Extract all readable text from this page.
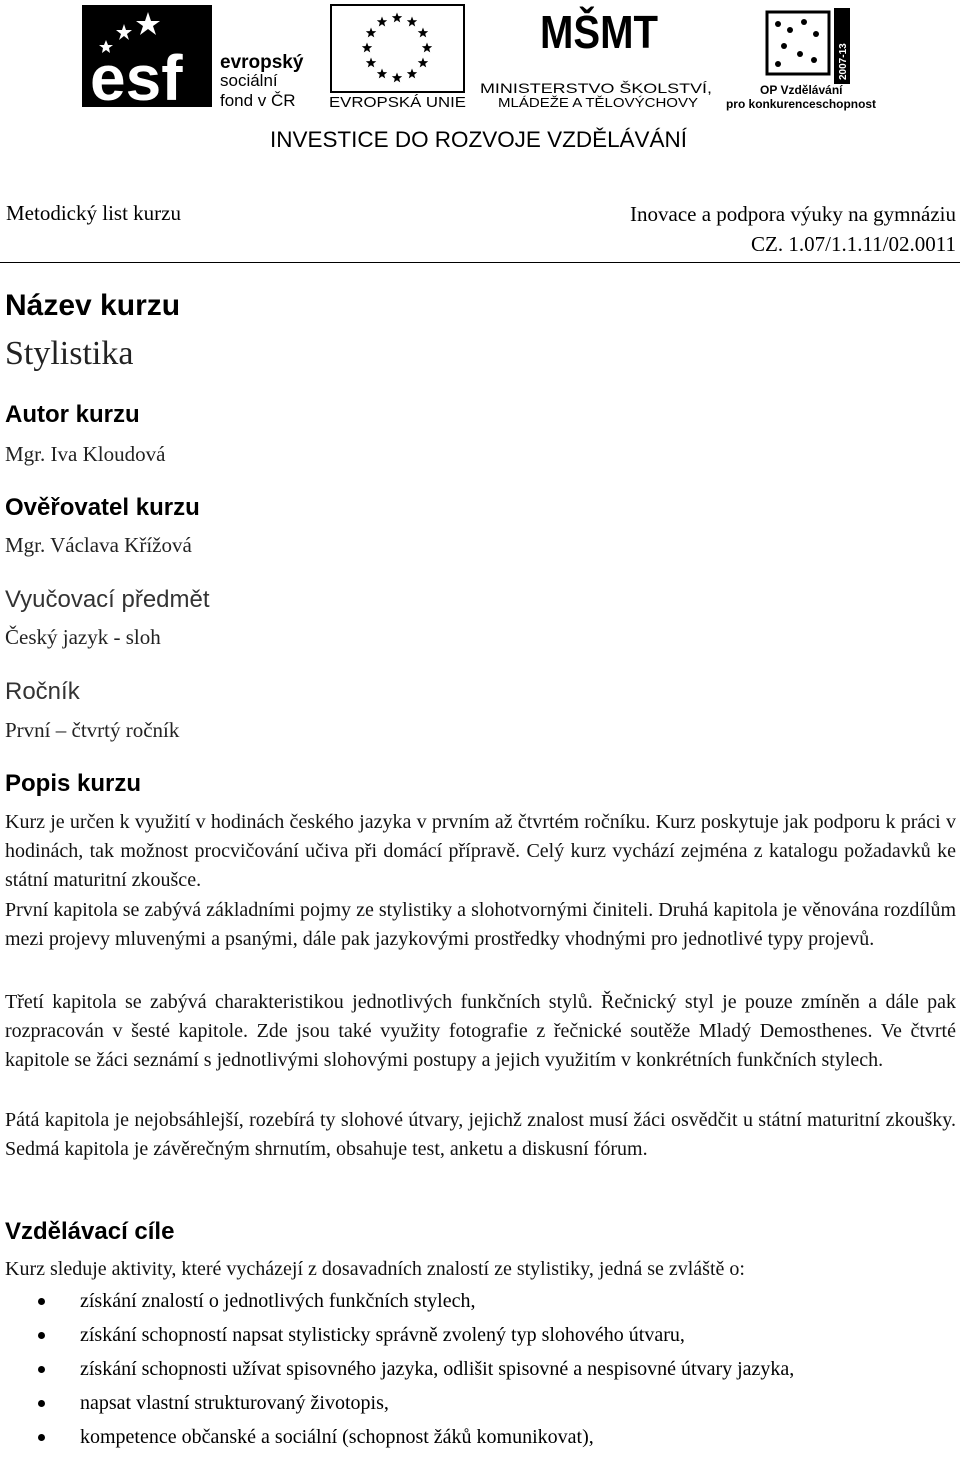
esf evropský
sociální
fond v ČR EVROPSKÁ UNIE
MŠMT
MINISTERSTVO ŠKOLSTVÍ,
MLÁDEŽE A TĚLOVÝCHOVY
2007-13
OP Vzdělávání
pro konkurenceschopnost
INVESTICE DO ROZVOJE VZDĚLÁVÁNÍ
Metodický list kurzu	Inovace a podpora výuky na gymnáziu
CZ. 1.07/1.1.11/02.0011
Název kurzu
Stylistika
Autor kurzu
Mgr. Iva Kloudová
Ověřovatel kurzu
Mgr. Václava Křížová
Vyučovací předmět
Český jazyk - sloh
Ročník
První – čtvrtý ročník
Popis kurzu
Kurz je určen k využití v hodinách českého jazyka v prvním až čtvrtém ročníku. Kurz poskytuje jak podporu k práci v hodinách, tak možnost procvičování učiva při domácí přípravě. Celý kurz vychází zejména z katalogu požadavků ke státní maturitní zkoušce.
První kapitola se zabývá základními pojmy ze stylistiky a slohotvornými činiteli. Druhá kapitola je věnována rozdílům mezi projevy mluvenými a psanými, dále pak jazykovými prostředky vhodnými pro jednotlivé typy projevů.
Třetí kapitola se zabývá charakteristikou jednotlivých funkčních stylů. Řečnický styl je pouze zmíněn a dále pak rozpracován v šesté kapitole. Zde jsou také využity fotografie z řečnické soutěže Mladý Demosthenes. Ve čtvrté kapitole se žáci seznámí s jednotlivými slohovými postupy a jejich využitím v konkrétních funkčních stylech.
Pátá kapitola je nejobsáhlejší, rozebírá ty slohové útvary, jejichž znalost musí žáci osvědčit u státní maturitní zkoušky. Sedmá kapitola je závěrečným shrnutím, obsahuje test, anketu a diskusní fórum.
Vzdělávací cíle
Kurz sleduje aktivity, které vycházejí z dosavadních znalostí ze stylistiky, jedná se zvláště o:
získání znalostí o jednotlivých funkčních stylech,
získání schopností napsat stylisticky správně zvolený typ slohového útvaru,
získání schopnosti užívat spisovného jazyka, odlišit spisovné a nespisovné útvary jazyka,
napsat vlastní strukturovaný životopis,
kompetence občanské a sociální (schopnost žáků komunikovat),
